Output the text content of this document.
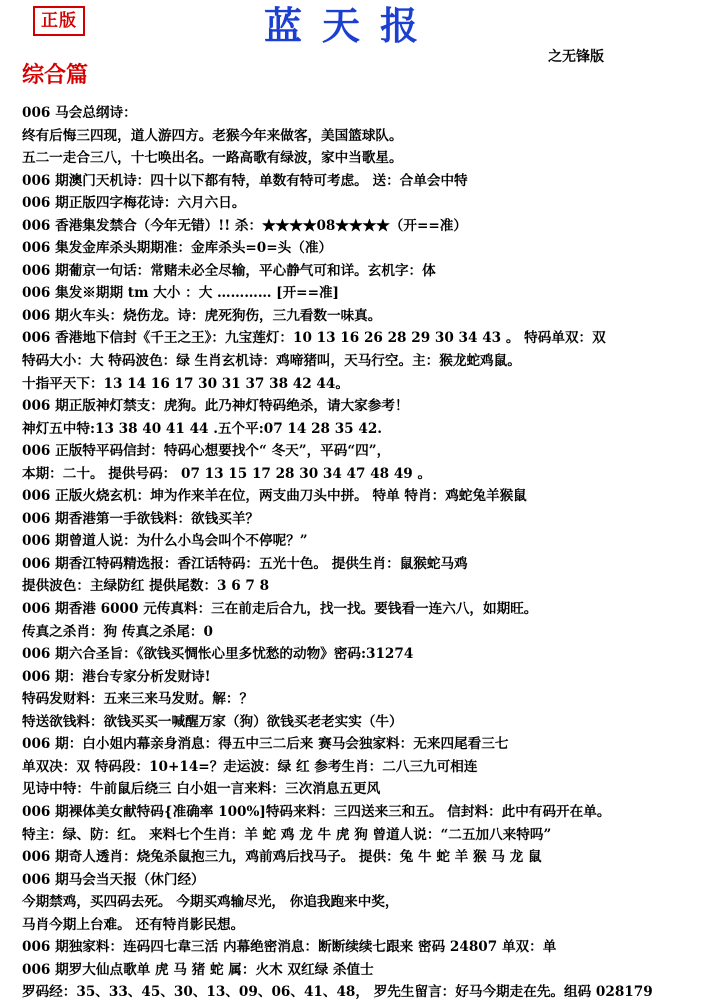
正版	蓝天报
之无锋版
综合篇
006 马会总纲诗：
终有后悔三四现，道人游四方。老猴今年来做客，美国篮球队。
五二一走合三八，十七唤出名。一路高歌有绿波，家中当歌星。
006 期澳门天机诗：四十以下都有特，单数有特可考虑。 送：合单会中特
006 期正版四字梅花诗：六月六日。
006 香港集发禁合（今年无错）!! 杀：★★★★08★★★★（开==准）
006 集发金库杀头期期准：金库杀头=0=头（准）
006 期葡京一句话：常赌未必全尽输，平心静气可和详。玄机字：体
006 集发※期期 tm 大小 ：大 ………… [开==准]
006 期火车头：烧伤龙。诗：虎死狗伤，三九看数一味真。
006 香港地下信封《千王之王》：九宝莲灯：10 13 16 26 28 29 30 34 43 。 特码单双：双
特码大小：大 特码波色：绿 生肖玄机诗：鸡啼猪叫，天马行空。主：猴龙蛇鸡鼠。
十指平天下：13 14 16 17 30 31 37 38 42 44。
006 期正版神灯禁支：虎狗。此乃神灯特码绝杀，请大家参考！
神灯五中特:13 38 40 41 44 .五个平:07 14 28 35 42.
006 正版特平码信封：特码心想要找个“ 冬天”，平码“四”，
本期：二十。 提供号码： 07 13 15 17 28 30 34 47 48 49 。
006 正版火烧玄机：坤为作来羊在位，两支曲刀头中拼。 特单 特肖：鸡蛇兔羊猴鼠
006 期香港第一手欲钱料：欲钱买羊？
006 期曾道人说：为什么小鸟会叫个不停呢？”
006 期香江特码精选报：香江话特码：五光十色。 提供生肖：鼠猴蛇马鸡
提供波色：主绿防红 提供尾数：3 6 7 8
006 期香港 6000 元传真料：三在前走后合九，找一找。要钱看一连六八，如期旺。
传真之杀肖：狗 传真之杀尾：0
006 期六合圣旨：《欲钱买惆怅心里多忧愁的动物》密码:31274
006 期：港台专家分析发财诗!
特码发财料：五来三来马发财。解：？
特送欲钱料：欲钱买买一喊醒万家（狗）欲钱买老老实实（牛）
006 期：白小姐内幕亲身消息：得五中三二后来 赛马会独家料：无来四尾看三七
单双决：双 特码段：10+14=？走运波：绿 红 参考生肖：二八三九可相连
见诗中特：牛前鼠后绕三 白小姐一言来料：三次消息五更风
006 期裸体美女献特码{准确率 100%]特码来料：三四送来三和五。 信封料：此中有码开在单。
特主：绿、防：红。 来料七个生肖：羊 蛇 鸡 龙 牛 虎 狗 曾道人说：“二五加八来特吗”
006 期奇人透肖：烧兔杀鼠抱三九，鸡前鸡后找马子。 提供：兔 牛 蛇 羊 猴 马 龙 鼠
006 期马会当天报（休门经）
今期禁鸡，买四码去死。 今期买鸡输尽光， 你追我跑来中奖，
马肖今期上台难。 还有特肖影民想。
006 期独家料：连码四七韋三活 内幕绝密消息：断断续续七跟来 密码 24807 单双：单
006 期罗大仙点歌单 虎 马 猪 蛇 属：火木 双红绿 杀值士
罗码经：35、33、45、30、13、09、06、41、48， 罗先生留言：好马今期走在先。组码 028179
